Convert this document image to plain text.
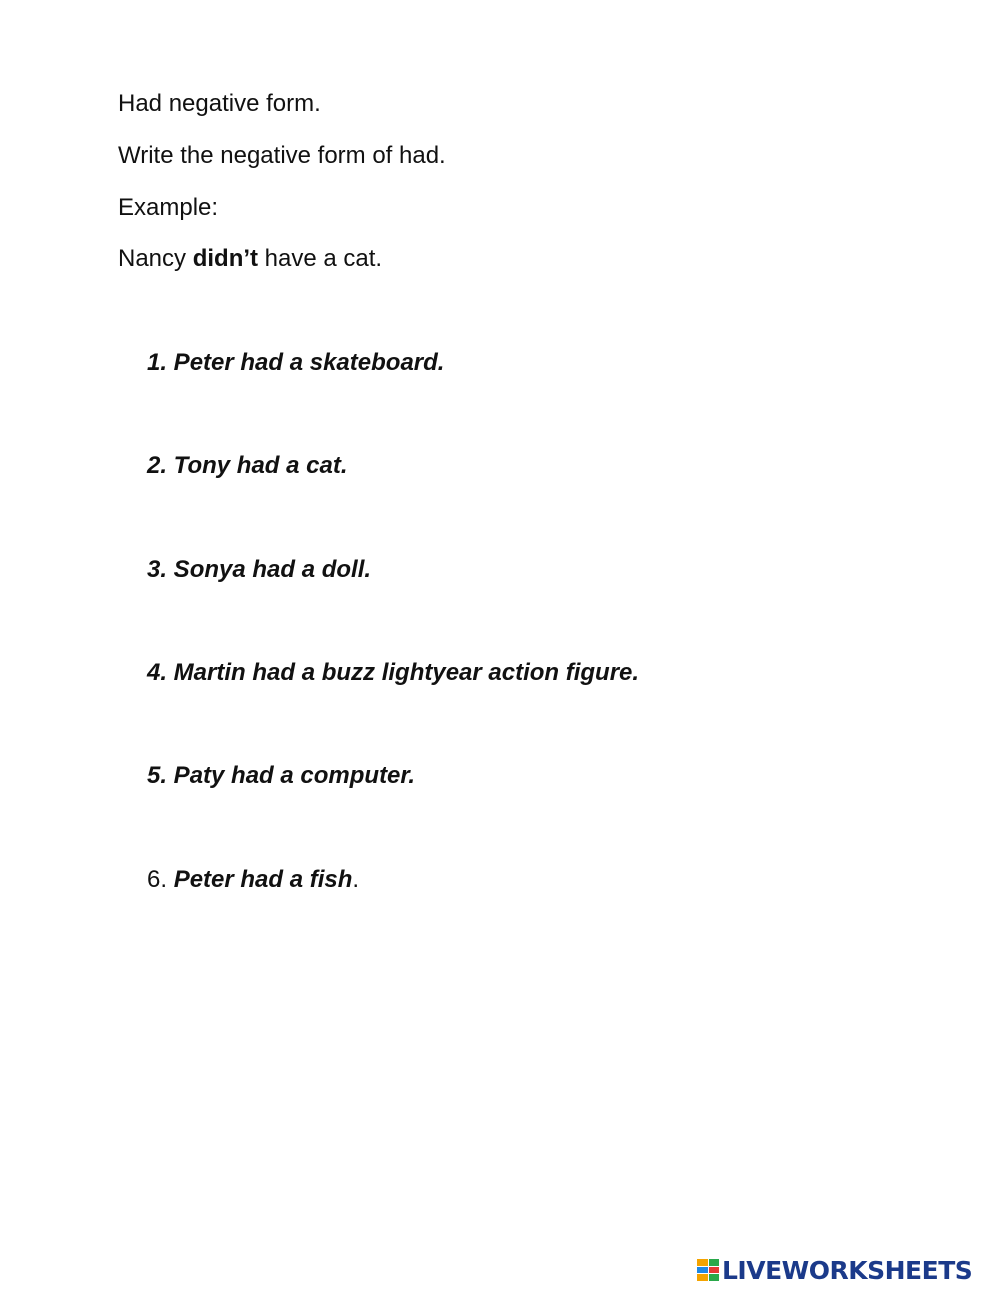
Had negative form.
Write the negative form of had.
Example:
Nancy didn’t have a cat.
1. Peter had a skateboard.
2. Tony had a cat.
3. Sonya had a doll.
4. Martin had a buzz lightyear action figure.
5. Paty had a computer.
6. Peter had a fish.
LIVEWORKSHEETS
